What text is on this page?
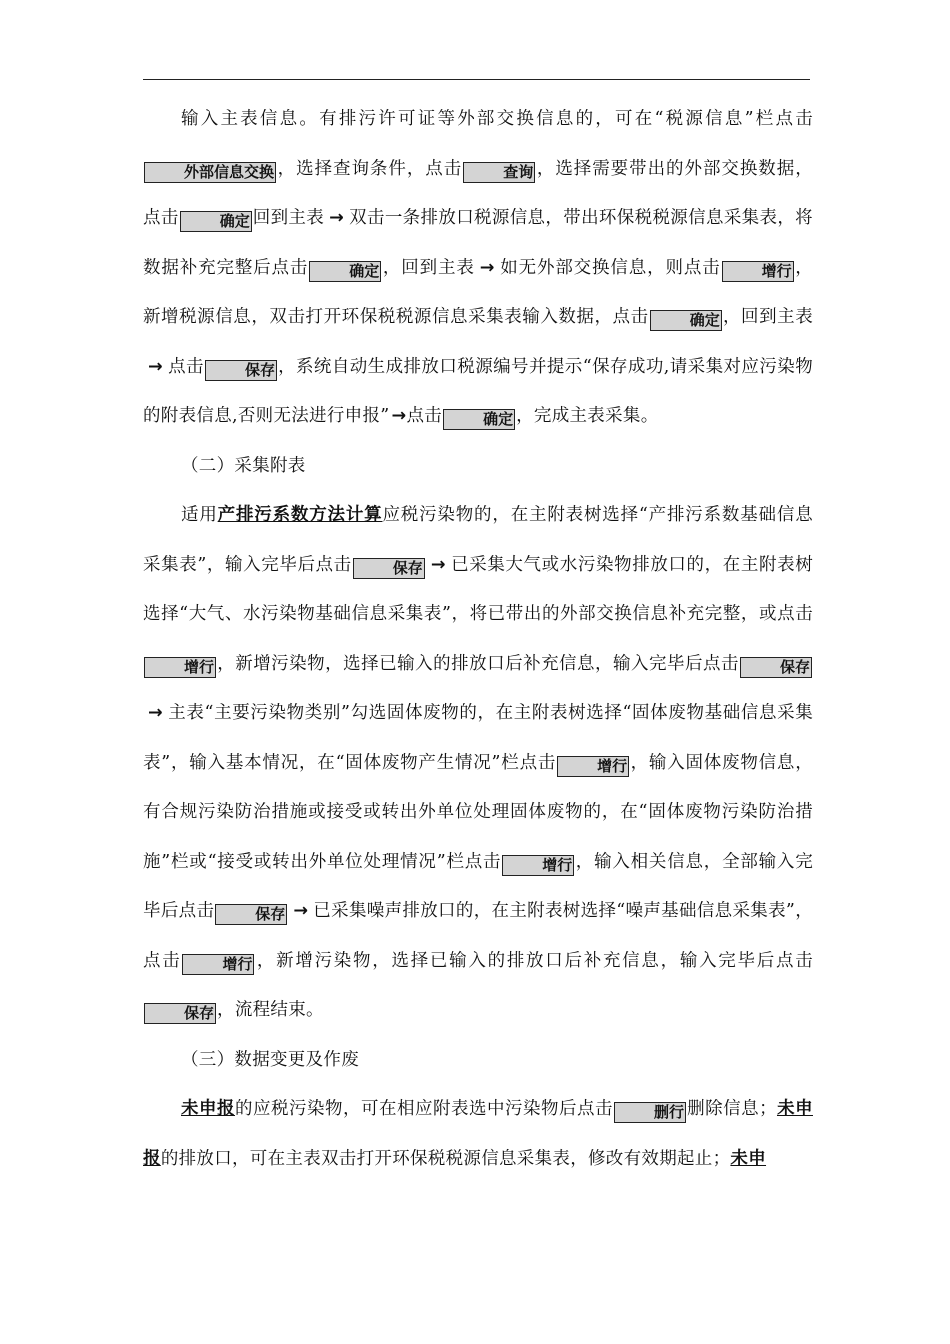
输入主表信息。有排污许可证等外部交换信息的，可在“税源信息”栏点击外部信息交换 ，选择查询条件，点击	查询 ，选择需要带出的外部交换数据，点击	确定 回到主表 → 双击一条排放口税源信息，带出环保税税源信息采集表，将数据补充完整后点击	确定 ，回到主表 → 如无外部交换信息，则点击	增行 ，新增税源信息，双击打开环保税税源信息采集表输入数据，点击	确定 ，回到主表→ 点击	保存 ，系统自动生成排放口税源编号并提示“保存成功,请采集对应污染物的附表信息,否则无法进行申报” →点击	确定 ，完成主表采集。

（二）采集附表

适用产排污系数方法计算应税污染物的，在主附表树选择“产排污系数基础信息采集表”，输入完毕后点击	保存 → 已采集大气或水污染物排放口的，在主附表树选择“大气、水污染物基础信息采集表”，将已带出的外部交换信息补充完整，或点击增行 ，新增污染物，选择已输入的排放口后补充信息，输入完毕后点击	保存→ 主表“主要污染物类别”勾选固体废物的，在主附表树选择“固体废物基础信息采集表”，输入基本情况，在“固体废物产生情况”栏点击	增行 ，输入固体废物信息，有合规污染防治措施或接受或转出外单位处理固体废物的，在“固体废物污染防治措施”栏或“接受或转出外单位处理情况”栏点击	增行 ，输入相关信息，全部输入完毕后点击	保存 → 已采集噪声排放口的，在主附表树选择“噪声基础信息采集表”，点击	增行 ，新增污染物，选择已输入的排放口后补充信息，输入完毕后点击保存 ，流程结束。

（三）数据变更及作废

未申报的应税污染物，可在相应附表选中污染物后点击	删行 删除信息；未申报的排放口，可在主表双击打开环保税税源信息采集表，修改有效期起止；未申
